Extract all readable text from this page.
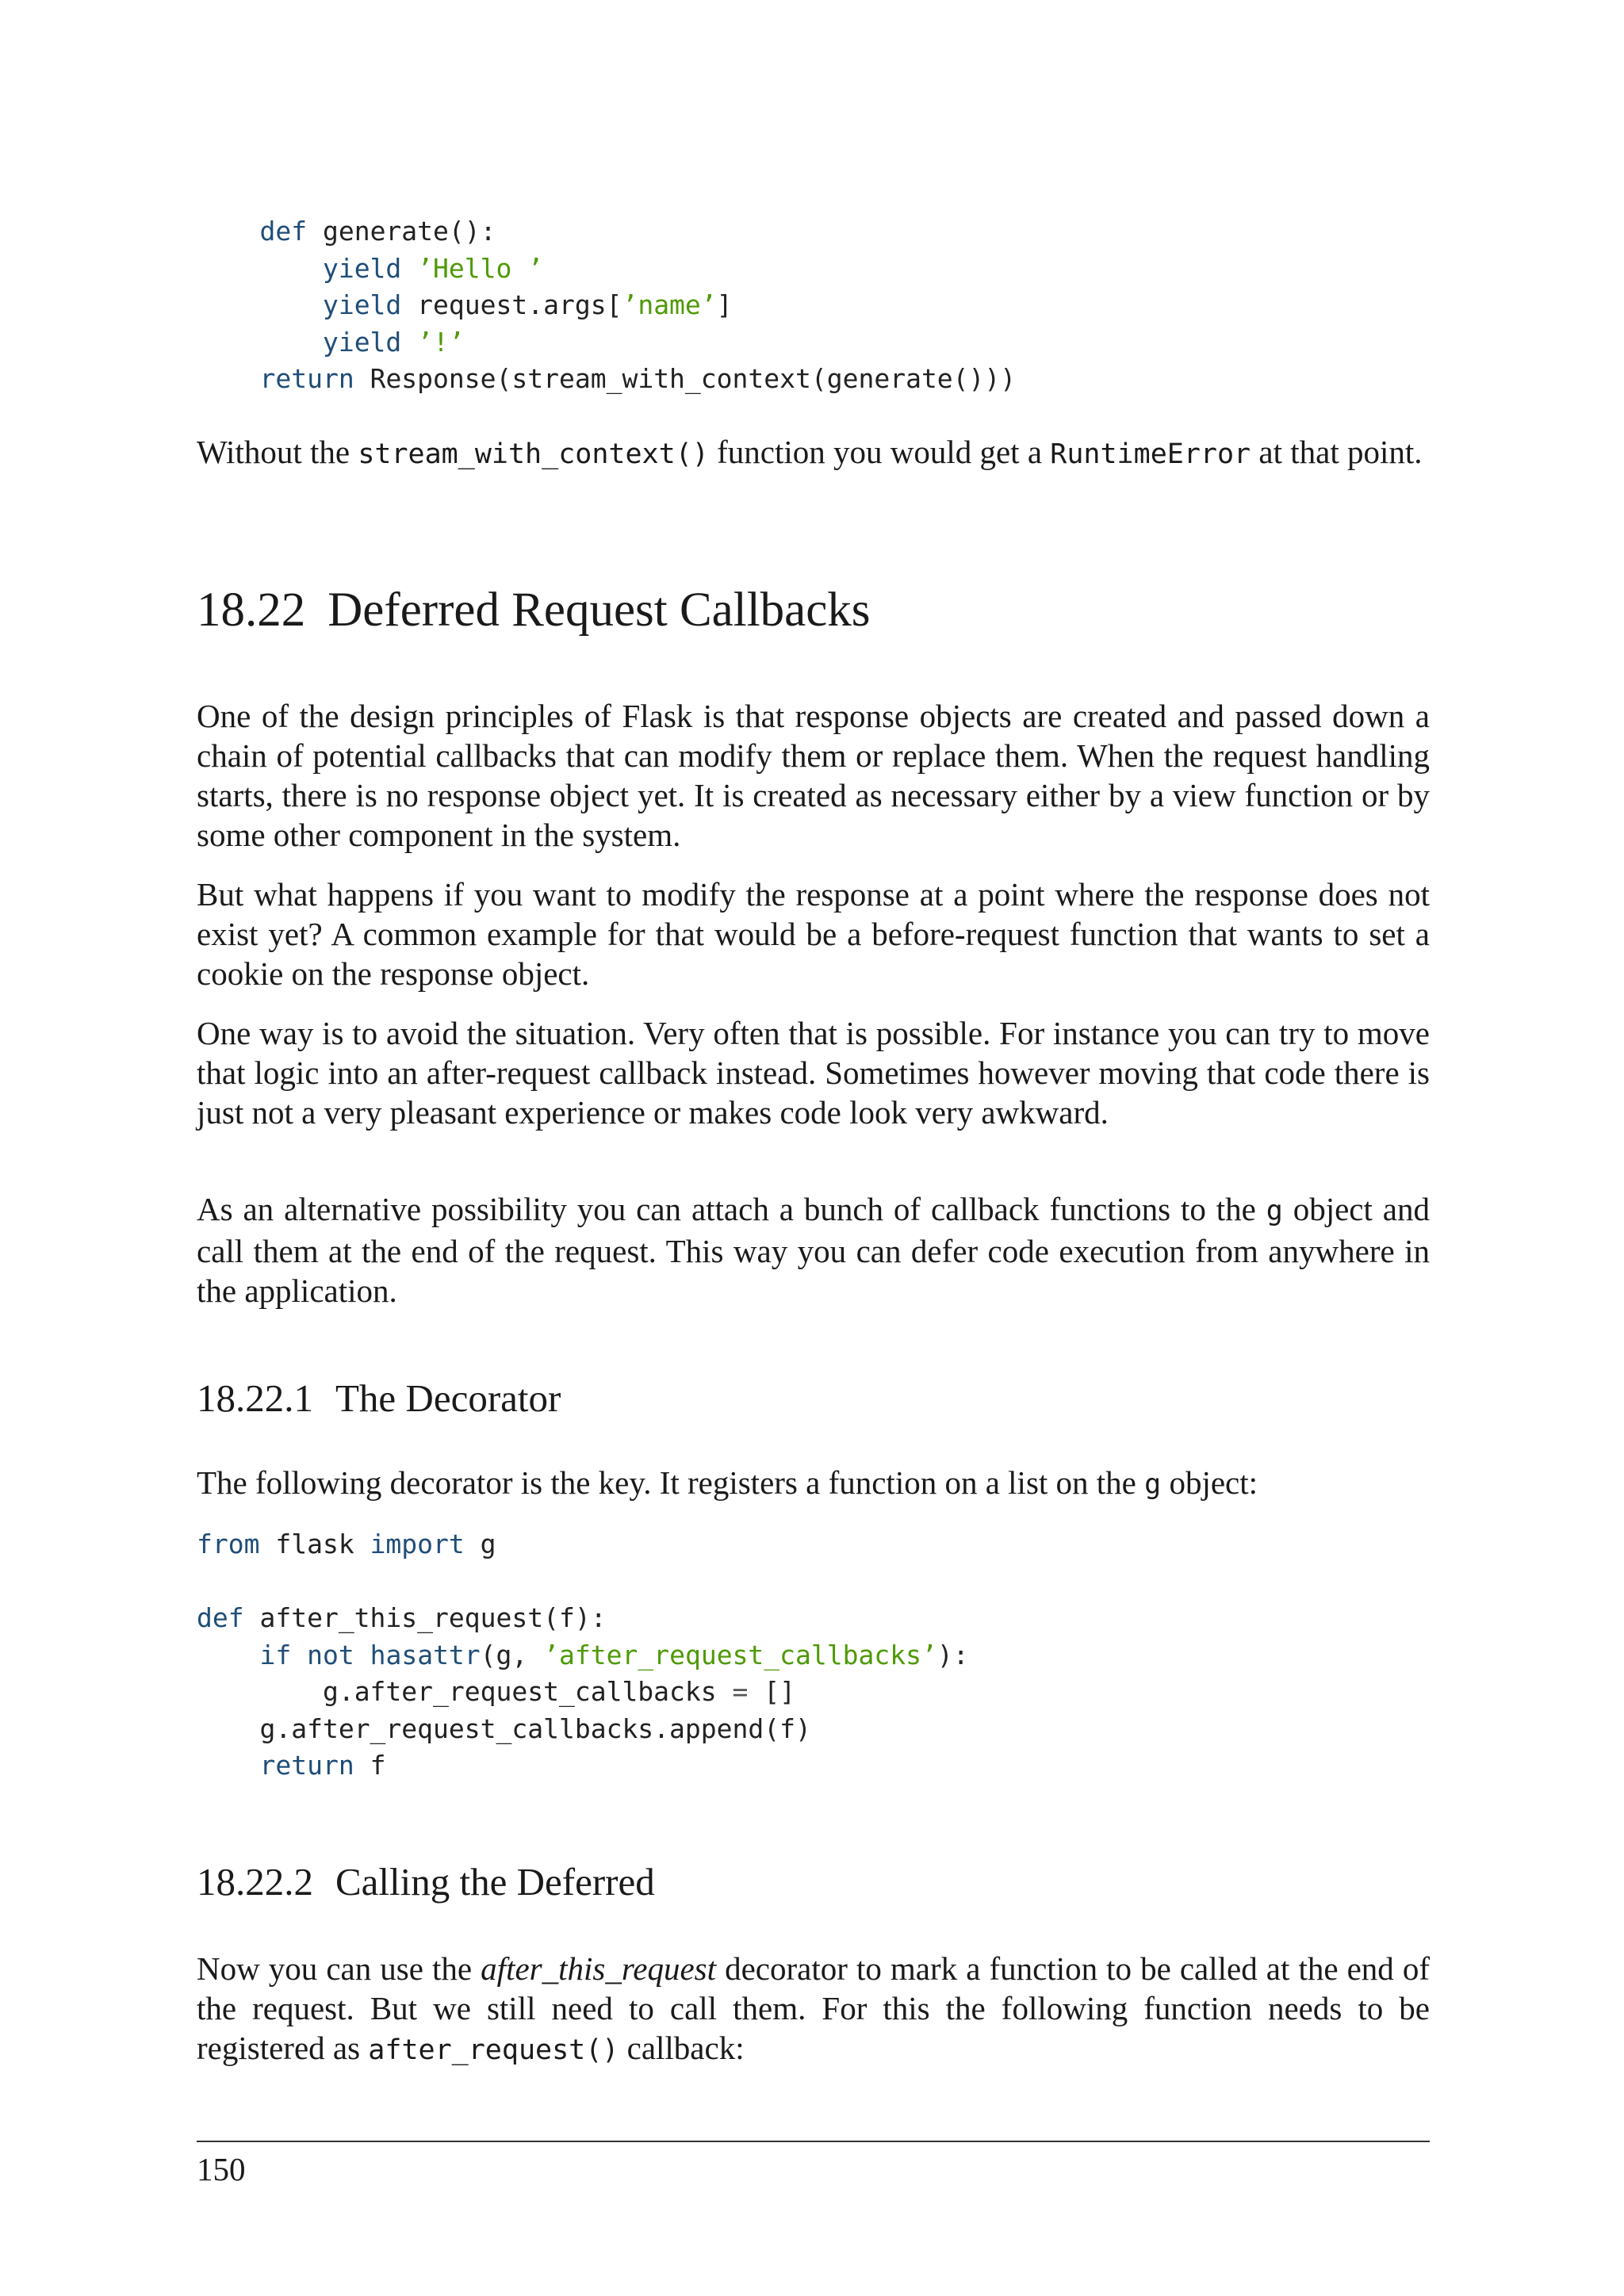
def generate():
yield ’Hello ’
yield request.args[’name’]
yield ’!’
return Response(stream_with_context(generate()))

Without the stream_with_context() function you would get a RuntimeError at that point.

18.22 Deferred Request Callbacks

One of the design principles of Flask is that response objects are created and passed down a chain of potential callbacks that can modify them or replace them. When the request handling starts, there is no response object yet. It is created as necessary either by a view function or by some other component in the system.

But what happens if you want to modify the response at a point where the response does not exist yet? A common example for that would be a before-request function that wants to set a cookie on the response object.

One way is to avoid the situation. Very often that is possible. For instance you can try to move that logic into an after-request callback instead. Sometimes however moving that code there is just not a very pleasant experience or makes code look very awkward.

As an alternative possibility you can attach a bunch of callback functions to the g object and call them at the end of the request. This way you can defer code execution from anywhere in the application.

18.22.1 The Decorator

The following decorator is the key. It registers a function on a list on the g object:

from flask import g

def after_this_request(f):
if not hasattr(g, ’after_request_callbacks’):
g.after_request_callbacks = []
g.after_request_callbacks.append(f)
return f
18.22.2 Calling the Deferred

Now you can use the after_this_request decorator to mark a function to be called at the end of the request. But we still need to call them. For this the following function needs to be registered as after_request() callback:

150
